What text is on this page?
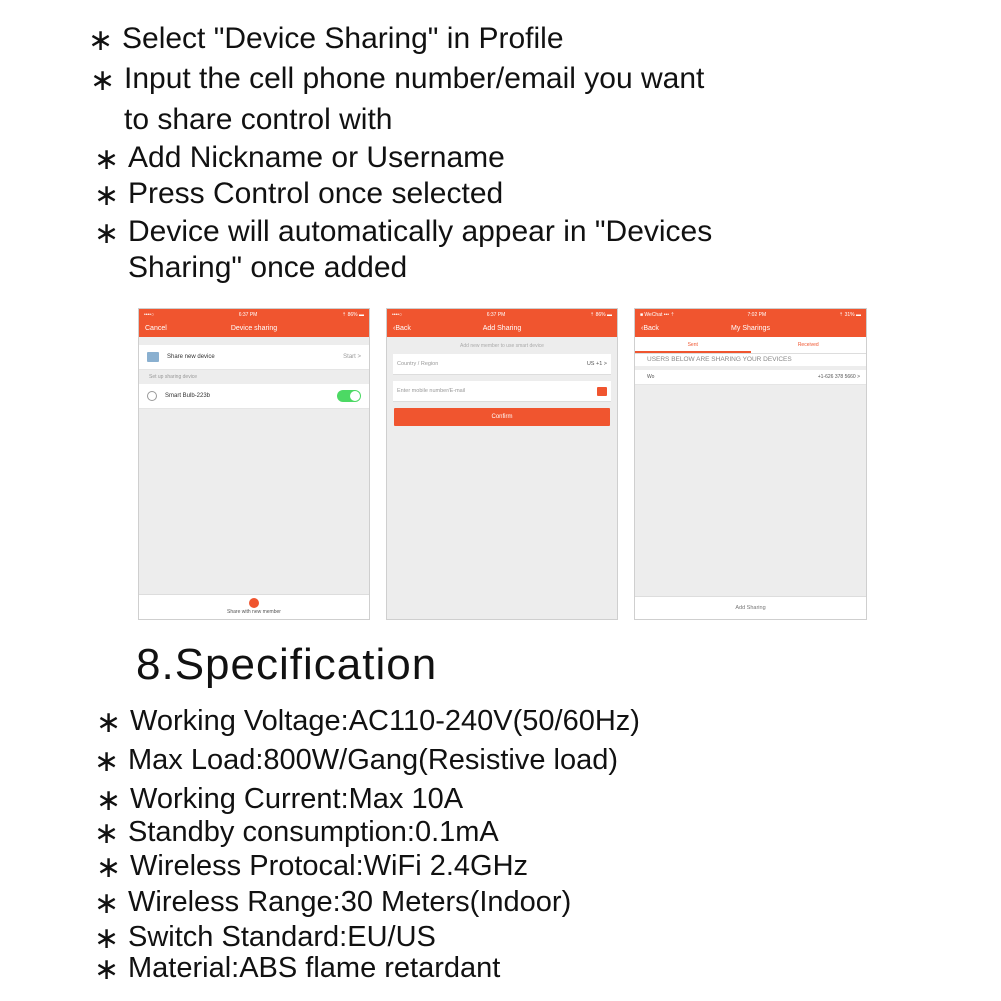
∗ Select "Device Sharing" in Profile
∗ Input the cell phone number/email you want
to share control with
∗ Add Nickname or Username
∗ Press Control once selected
∗ Device will automatically appear in "Devices
Sharing" once added
••••○	6:37 PM	⇡ 86% ▬
Cancel	Device sharing
Share new device	Start >
Set up sharing device
Smart Bulb-223b
Share with new member
••••○	6:37 PM	⇡ 86% ▬
‹Back	Add Sharing
Add new member to use smart device
Country / Region	US +1 >
Enter mobile number/E-mail
Confirm
■ WeChat ••• ⇡	7:02 PM	⇡ 31% ▬
‹Back	My Sharings
Sent	Received
USERS BELOW ARE SHARING YOUR DEVICES
Wo	+1-626 378 5660 >
Add Sharing
8.Specification
∗ Working Voltage:AC110-240V(50/60Hz)
∗ Max Load:800W/Gang(Resistive load)
∗ Working Current:Max 10A
∗ Standby consumption:0.1mA
∗ Wireless Protocal:WiFi 2.4GHz
∗ Wireless Range:30 Meters(Indoor)
∗ Switch Standard:EU/US
∗ Material:ABS flame retardant
